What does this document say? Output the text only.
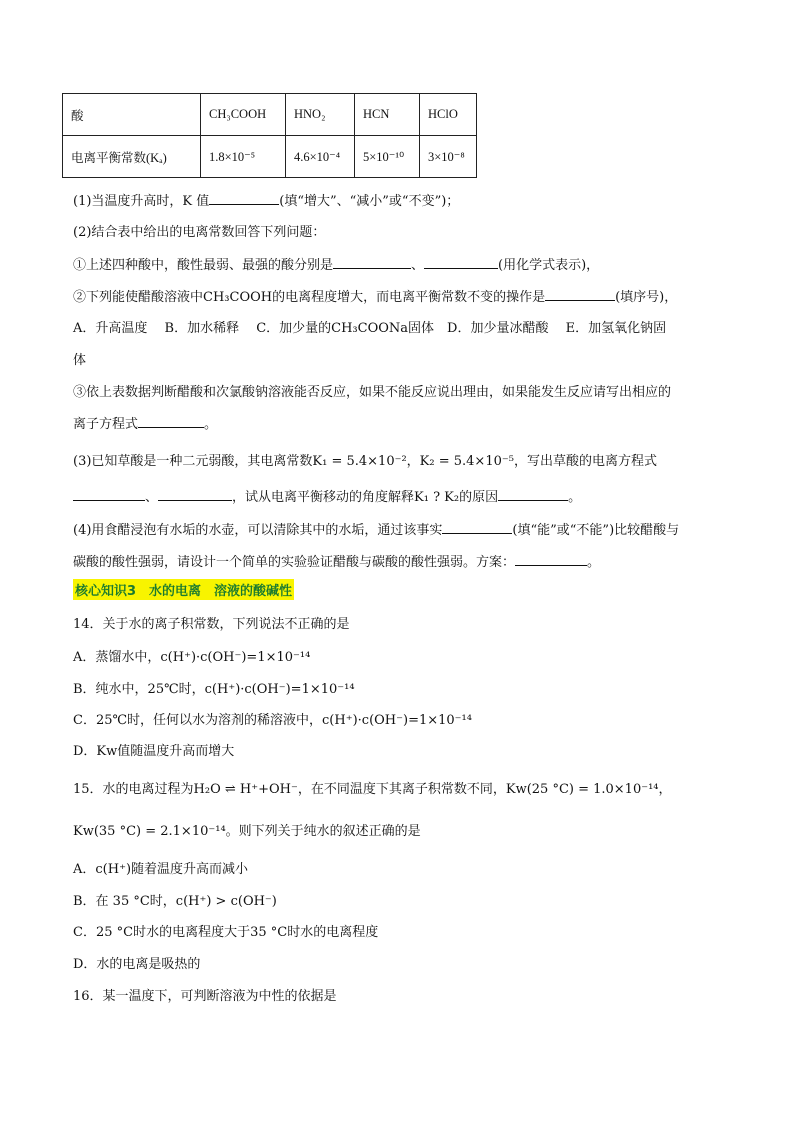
酸	CH₃COOH	HNO₂	HCN	HClO
电离平衡常数(Kₐ)	1.8×10⁻⁵	4.6×10⁻⁴	5×10⁻¹⁰	3×10⁻⁸
(1)当温度升高时，K 值	(填“增大”、“减小”或“不变”)；
(2)结合表中给出的电离常数回答下列问题：
①上述四种酸中，酸性最弱、最强的酸分别是	、	(用化学式表示)，
②下列能使醋酸溶液中CH₃COOH的电离程度增大，而电离平衡常数不变的操作是	(填序号)，
A．升高温度　 B．加水稀释　 C．加少量的CH₃COONa固体　D．加少量冰醋酸　 E．加氢氧化钠固
体
③依上表数据判断醋酸和次氯酸钠溶液能否反应，如果不能反应说出理由，如果能发生反应请写出相应的
离子方程式	。
(3)已知草酸是一种二元弱酸，其电离常数K₁ = 5.4×10⁻²，K₂ = 5.4×10⁻⁵，写出草酸的电离方程式
、	，试从电离平衡移动的角度解释K₁ ? K₂的原因	。
(4)用食醋浸泡有水垢的水壶，可以清除其中的水垢，通过该事实	(填“能”或“不能”)比较醋酸与
碳酸的酸性强弱，请设计一个简单的实验验证醋酸与碳酸的酸性强弱。方案：	。
核心知识3　水的电离　溶液的酸碱性
14．关于水的离子积常数，下列说法不正确的是
A．蒸馏水中，c(H⁺)·c(OH⁻)=1×10⁻¹⁴
B．纯水中，25℃时，c(H⁺)·c(OH⁻)=1×10⁻¹⁴
C．25℃时，任何以水为溶剂的稀溶液中，c(H⁺)·c(OH⁻)=1×10⁻¹⁴
D．Kw值随温度升高而增大
15．水的电离过程为H₂O ⇌ H⁺+OH⁻，在不同温度下其离子积常数不同，Kw(25 °C) = 1.0×10⁻¹⁴，
Kw(35 °C) = 2.1×10⁻¹⁴。则下列关于纯水的叙述正确的是
A．c(H⁺)随着温度升高而减小
B．在 35 °C时，c(H⁺) > c(OH⁻)
C．25 °C时水的电离程度大于35 °C时水的电离程度
D．水的电离是吸热的
16．某一温度下，可判断溶液为中性的依据是
